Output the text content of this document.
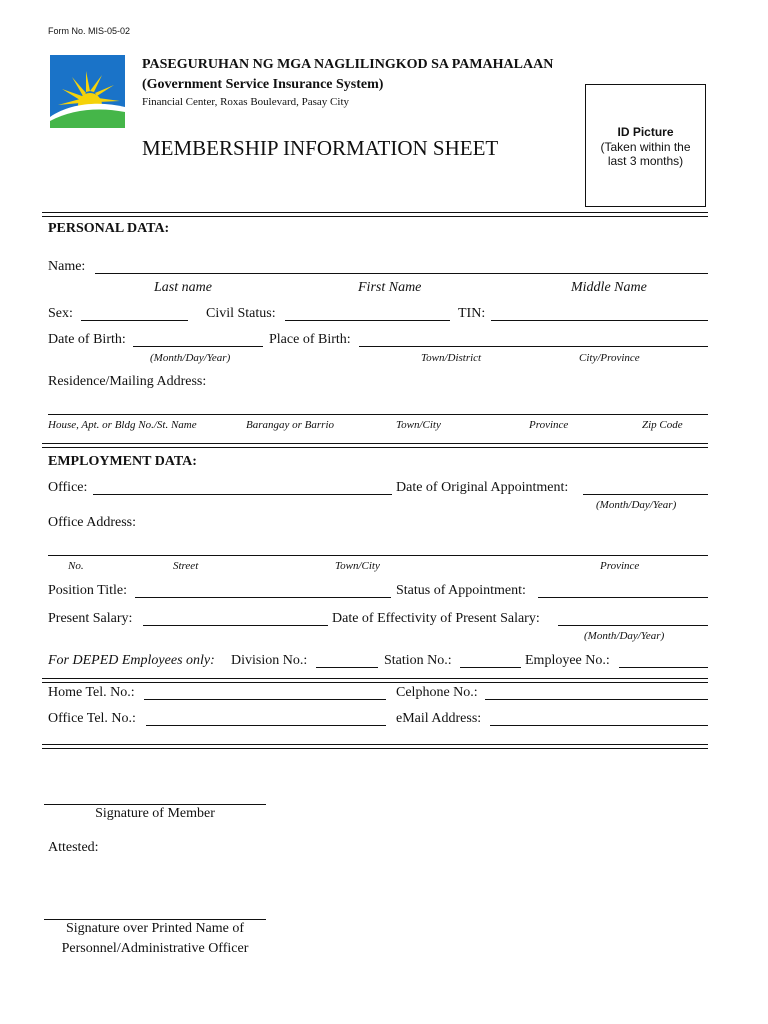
Form No. MIS-05-02
PASEGURUHAN NG MGA NAGLILINGKOD SA PAMAHALAAN
(Government Service Insurance System)
Financial Center, Roxas Boulevard, Pasay City
MEMBERSHIP INFORMATION SHEET
ID Picture
(Taken within the
last 3 months)
PERSONAL DATA:
Name:
Last name	First Name	Middle Name
Sex:	Civil Status:	TIN:
Date of Birth:	Place of Birth:
(Month/Day/Year)	Town/District	City/Province
Residence/Mailing Address:
House, Apt. or Bldg No./St. Name	Barangay or Barrio	Town/City	Province	Zip Code
EMPLOYMENT DATA:
Office:	Date of Original Appointment:
(Month/Day/Year)
Office Address:
No.	Street	Town/City	Province
Position Title:	Status of Appointment:
Present Salary:	Date of Effectivity of Present Salary:
(Month/Day/Year)
For DEPED Employees only: Division No.:	Station No.:	Employee No.:
Home Tel. No.:	Celphone No.:
Office Tel. No.:	eMail Address:
Signature of Member
Attested:
Signature over Printed Name of
Personnel/Administrative Officer
